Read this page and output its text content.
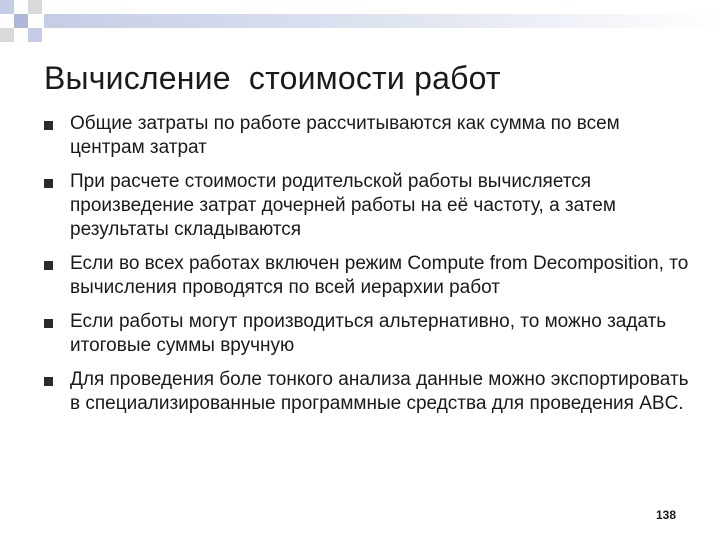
Вычисление  стоимости работ
Общие затраты по работе рассчитываются как сумма по всем центрам затрат
При расчете стоимости родительской работы вычисляется произведение затрат дочерней работы на её частоту, а затем результаты складываются
Если во всех работах включен режим Compute from Decomposition, то вычисления проводятся по всей иерархии работ
Если работы могут производиться альтернативно, то можно задать итоговые суммы вручную
Для проведения боле тонкого анализа данные можно экспортировать в специализированные программные средства для проведения ABC.
138
